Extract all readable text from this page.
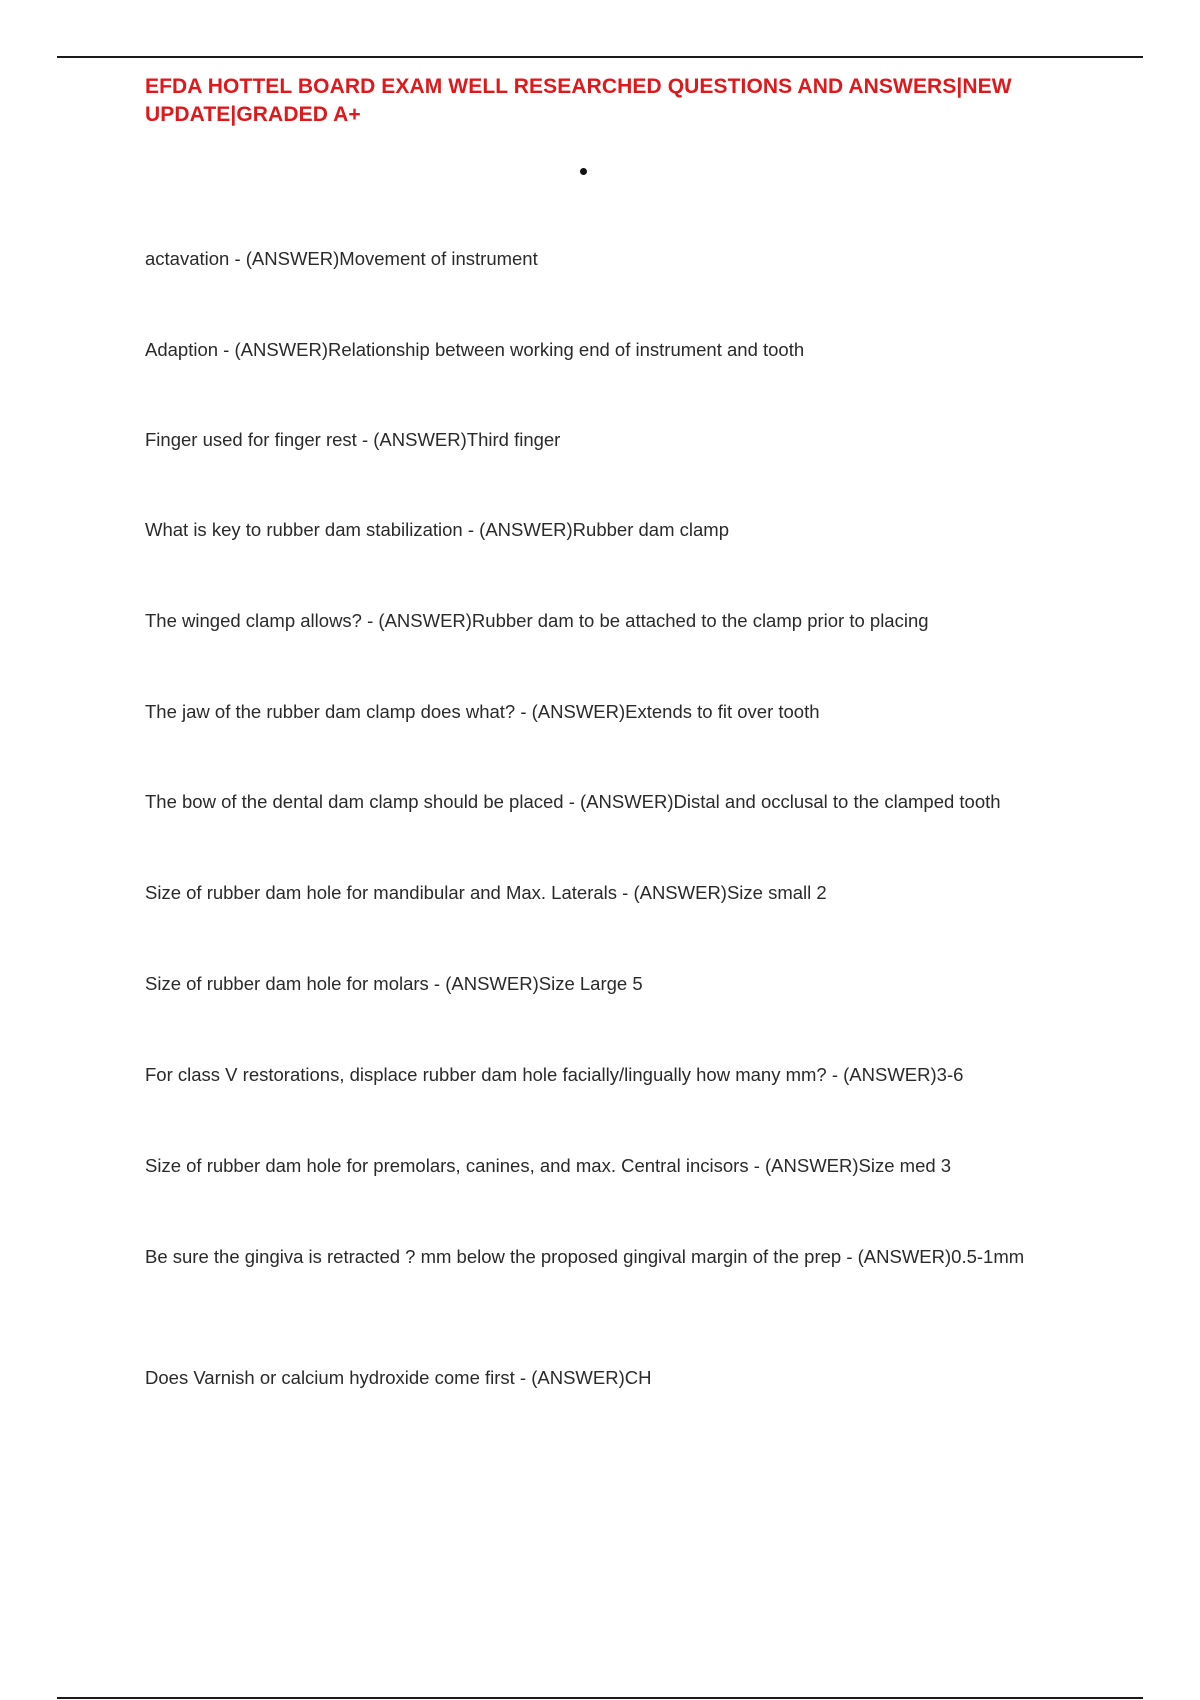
EFDA HOTTEL BOARD EXAM WELL RESEARCHED QUESTIONS AND ANSWERS|NEW UPDATE|GRADED A+

actavation - (ANSWER)Movement of instrument

Adaption - (ANSWER)Relationship between working end of instrument and tooth

Finger used for finger rest - (ANSWER)Third finger

What is key to rubber dam stabilization - (ANSWER)Rubber dam clamp

The winged clamp allows? - (ANSWER)Rubber dam to be attached to the clamp prior to placing

The jaw of the rubber dam clamp does what? - (ANSWER)Extends to fit over tooth

The bow of the dental dam clamp should be placed - (ANSWER)Distal and occlusal to the clamped tooth

Size of rubber dam hole for mandibular and Max. Laterals - (ANSWER)Size small 2

Size of rubber dam hole for molars - (ANSWER)Size Large 5

For class V restorations, displace rubber dam hole facially/lingually how many mm? - (ANSWER)3-6

Size of rubber dam hole for premolars, canines, and max. Central incisors - (ANSWER)Size med 3

Be sure the gingiva is retracted ? mm below the proposed gingival margin of the prep - (ANSWER)0.5-1mm

Does Varnish or calcium hydroxide come first - (ANSWER)CH
